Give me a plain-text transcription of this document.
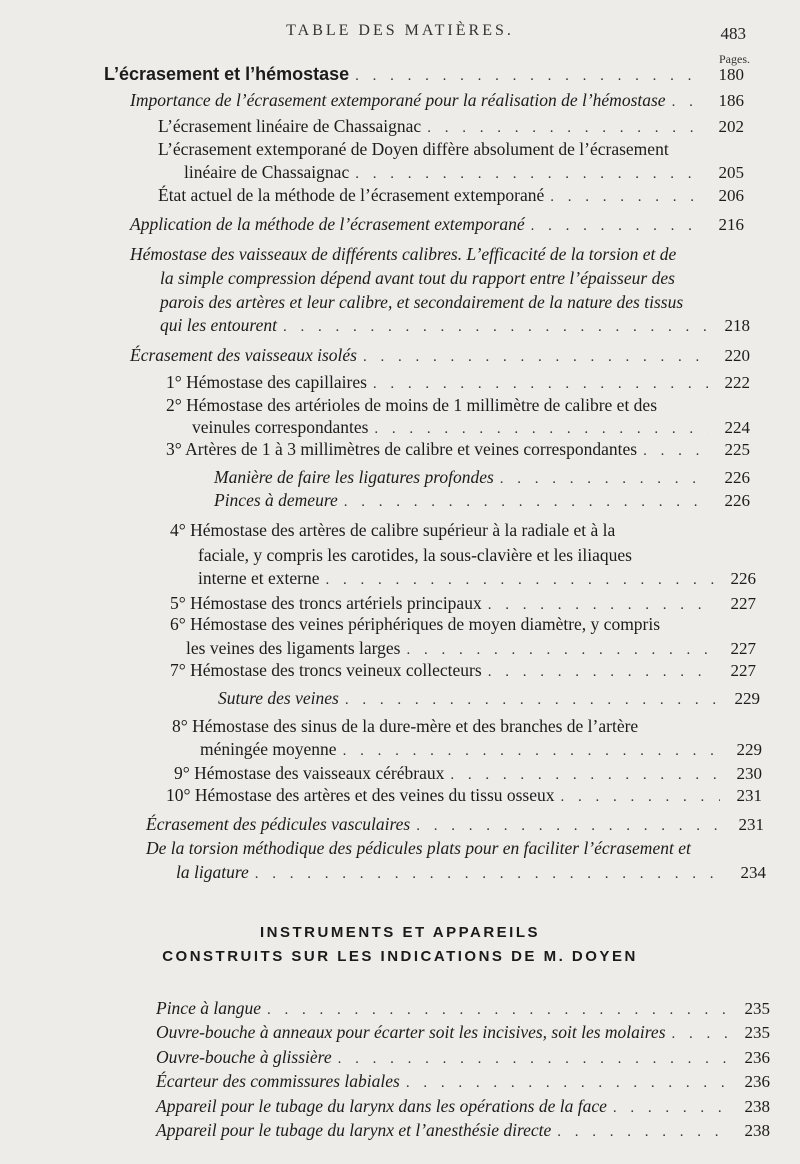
TABLE DES MATIÈRES.	483
Pages.
L’écrasement et l’hémostase . . .	180
Importance de l’écrasement extemporané pour la réalisation de l’hémostase . . .	186
L’écrasement linéaire de Chassaignac . . .	202
L’écrasement extemporané de Doyen diffère absolument de l’écrasement
linéaire de Chassaignac . . .	205
État actuel de la méthode de l’écrasement extemporané . . .	206
Application de la méthode de l’écrasement extemporané . . .	216
Hémostase des vaisseaux de différents calibres. L’efficacité de la torsion et de
la simple compression dépend avant tout du rapport entre l’épaisseur des
parois des artères et leur calibre, et secondairement de la nature des tissus
qui les entourent . . .	218
Écrasement des vaisseaux isolés . . .	220
1° Hémostase des capillaires . . .	222
2° Hémostase des artérioles de moins de 1 millimètre de calibre et des
veinules correspondantes . . .	224
3° Artères de 1 à 3 millimètres de calibre et veines correspondantes . . .	225
Manière de faire les ligatures profondes . . .	226
Pinces à demeure . . .	226
4° Hémostase des artères de calibre supérieur à la radiale et à la
faciale, y compris les carotides, la sous-clavière et les iliaques
interne et externe . . .	226
5° Hémostase des troncs artériels principaux . . .	227
6° Hémostase des veines périphériques de moyen diamètre, y compris
les veines des ligaments larges . . .	227
7° Hémostase des troncs veineux collecteurs . . .	227
Suture des veines . . .	229
8° Hémostase des sinus de la dure-mère et des branches de l’artère
méningée moyenne . . .	229
9° Hémostase des vaisseaux cérébraux . . .	230
10° Hémostase des artères et des veines du tissu osseux . . .	231
Écrasement des pédicules vasculaires . . .	231
De la torsion méthodique des pédicules plats pour en faciliter l’écrasement et
la ligature . . .	234
INSTRUMENTS ET APPAREILS
CONSTRUITS SUR LES INDICATIONS DE M. DOYEN
Pince à langue . . .	235
Ouvre-bouche à anneaux pour écarter soit les incisives, soit les molaires . . .	235
Ouvre-bouche à glissière . . .	236
Écarteur des commissures labiales . . .	236
Appareil pour le tubage du larynx dans les opérations de la face . . .	238
Appareil pour le tubage du larynx et l’anesthésie directe . . .	238
